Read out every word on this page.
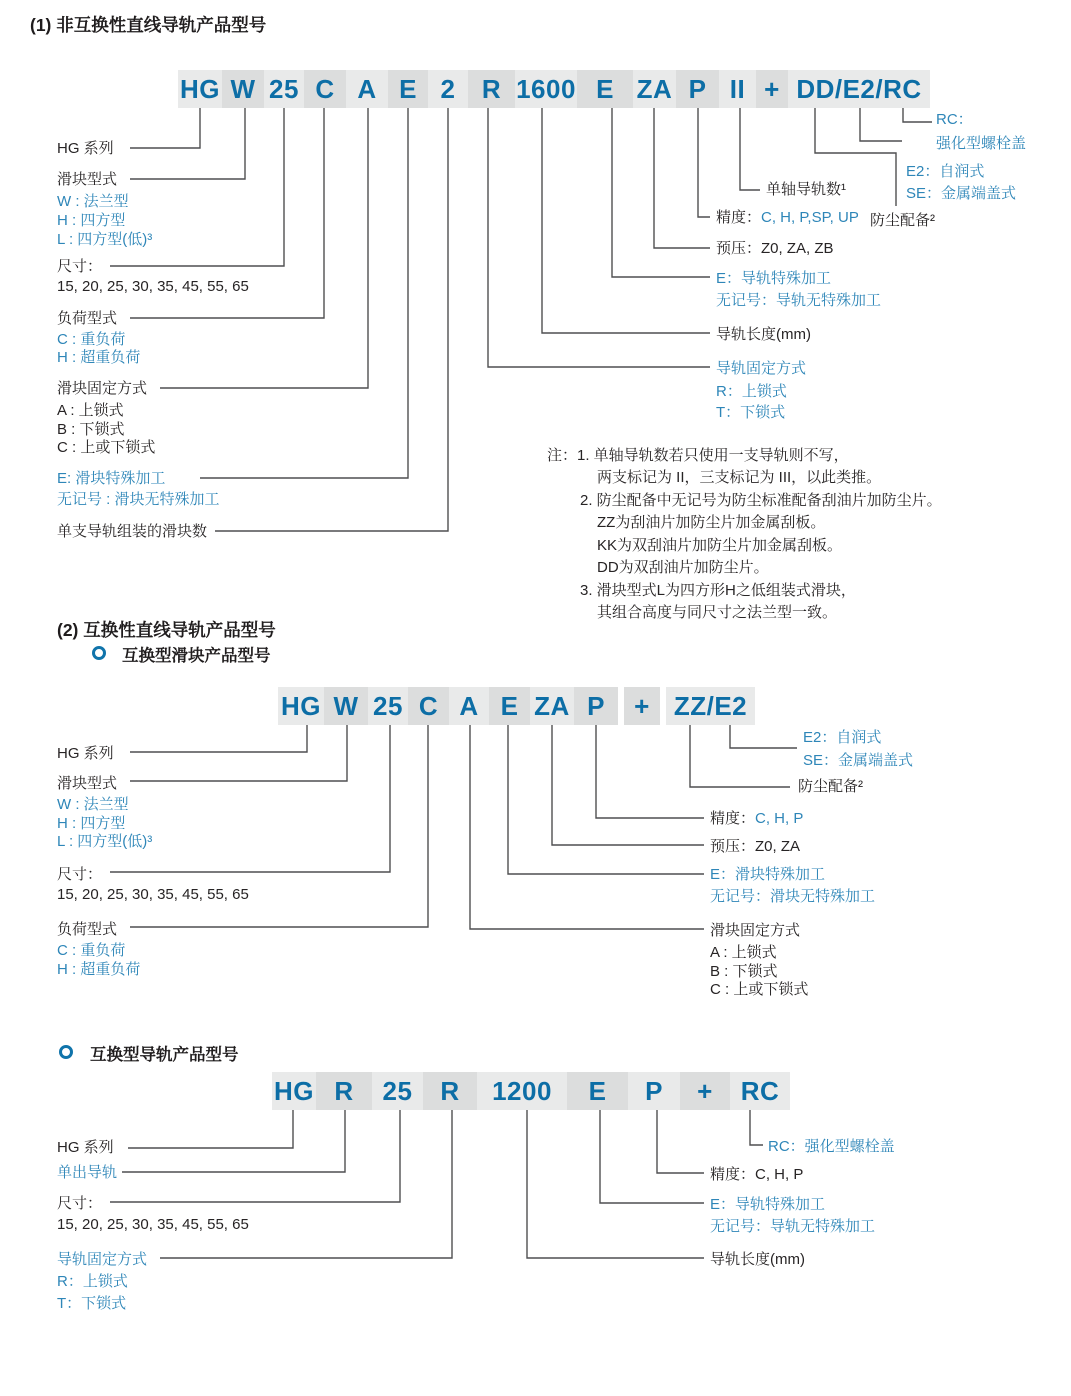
(1) 非互换性直线导轨产品型号
HG W 25 C A E 2	R 1600 E ZA P II + DD/E2/RC
HG 系列
滑块型式
W : 法兰型
H : 四方型
L : 四方型(低)³
尺寸：
15, 20, 25, 30, 35, 45, 55, 65
负荷型式
C : 重负荷
H : 超重负荷
滑块固定方式
A : 上锁式
B : 下锁式
C : 上或下锁式
E: 滑块特殊加工
无记号 : 滑块无特殊加工
单支导轨组装的滑块数
RC：
强化型螺栓盖
E2：自润式
SE：金属端盖式
单轴导轨数¹
防尘配备²
精度：C, H, P,SP, UP
预压：Z0, ZA, ZB
E：导轨特殊加工
无记号：导轨无特殊加工
导轨长度(mm)
导轨固定方式
R：上锁式
T：下锁式
注：1. 单轴导轨数若只使用一支导轨则不写，
两支标记为 II，三支标记为 III，以此类推。
2. 防尘配备中无记号为防尘标准配备刮油片加防尘片。
ZZ为刮油片加防尘片加金属刮板。
KK为双刮油片加防尘片加金属刮板。
DD为双刮油片加防尘片。
3. 滑块型式L为四方形H之低组装式滑块，
其组合高度与同尺寸之法兰型一致。
(2) 互换性直线导轨产品型号
互换型滑块产品型号
HG W 25 C A E ZA P	+ ZZ/E2
HG 系列
滑块型式
W : 法兰型
H : 四方型
L : 四方型(低)³
尺寸：
15, 20, 25, 30, 35, 45, 55, 65
负荷型式
C : 重负荷
H : 超重负荷
E2：自润式
SE：金属端盖式
防尘配备²
精度：C, H, P
预压：Z0, ZA
E：滑块特殊加工
无记号：滑块无特殊加工
滑块固定方式
A : 上锁式
B : 下锁式
C : 上或下锁式
互换型导轨产品型号
HG R	25	R	1200	E	P	+	RC
HG 系列
单出导轨
尺寸：
15, 20, 25, 30, 35, 45, 55, 65
导轨固定方式
R：上锁式
T：下锁式
RC：强化型螺栓盖
精度：C, H, P
E：导轨特殊加工
无记号：导轨无特殊加工
导轨长度(mm)
